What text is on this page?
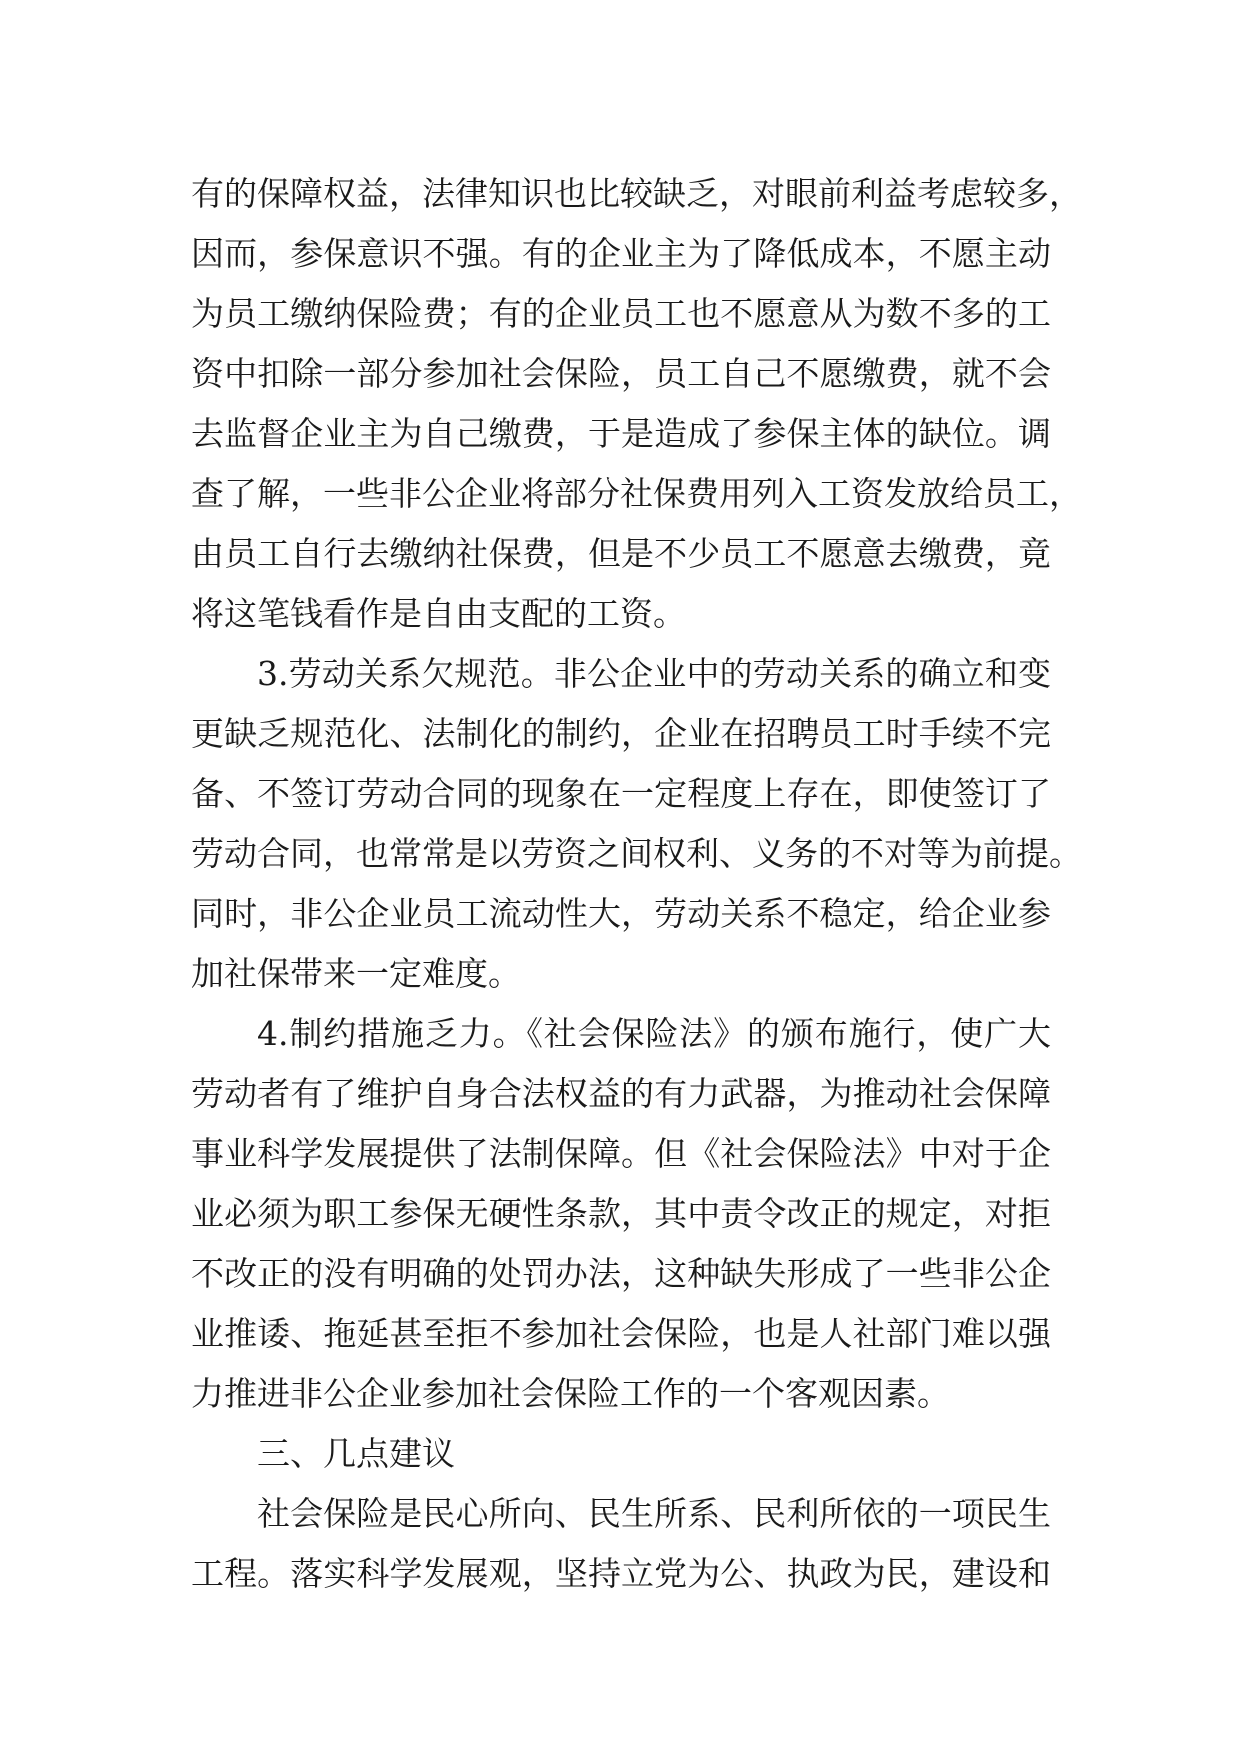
有的保障权益，法律知识也比较缺乏，对眼前利益考虑较多，
因而，参保意识不强。有的企业主为了降低成本，不愿主动
为员工缴纳保险费；有的企业员工也不愿意从为数不多的工
资中扣除一部分参加社会保险，员工自己不愿缴费，就不会
去监督企业主为自己缴费，于是造成了参保主体的缺位。调
查了解，一些非公企业将部分社保费用列入工资发放给员工，
由员工自行去缴纳社保费，但是不少员工不愿意去缴费，竟
将这笔钱看作是自由支配的工资。
3.劳动关系欠规范。非公企业中的劳动关系的确立和变
更缺乏规范化、法制化的制约，企业在招聘员工时手续不完
备、不签订劳动合同的现象在一定程度上存在，即使签订了
劳动合同，也常常是以劳资之间权利、义务的不对等为前提。
同时，非公企业员工流动性大，劳动关系不稳定，给企业参
加社保带来一定难度。
4.制约措施乏力。《社会保险法》的颁布施行，使广大
劳动者有了维护自身合法权益的有力武器，为推动社会保障
事业科学发展提供了法制保障。但《社会保险法》中对于企
业必须为职工参保无硬性条款，其中责令改正的规定，对拒
不改正的没有明确的处罚办法，这种缺失形成了一些非公企
业推诿、拖延甚至拒不参加社会保险，也是人社部门难以强
力推进非公企业参加社会保险工作的一个客观因素。
三、几点建议
社会保险是民心所向、民生所系、民利所依的一项民生
工程。落实科学发展观，坚持立党为公、执政为民，建设和
